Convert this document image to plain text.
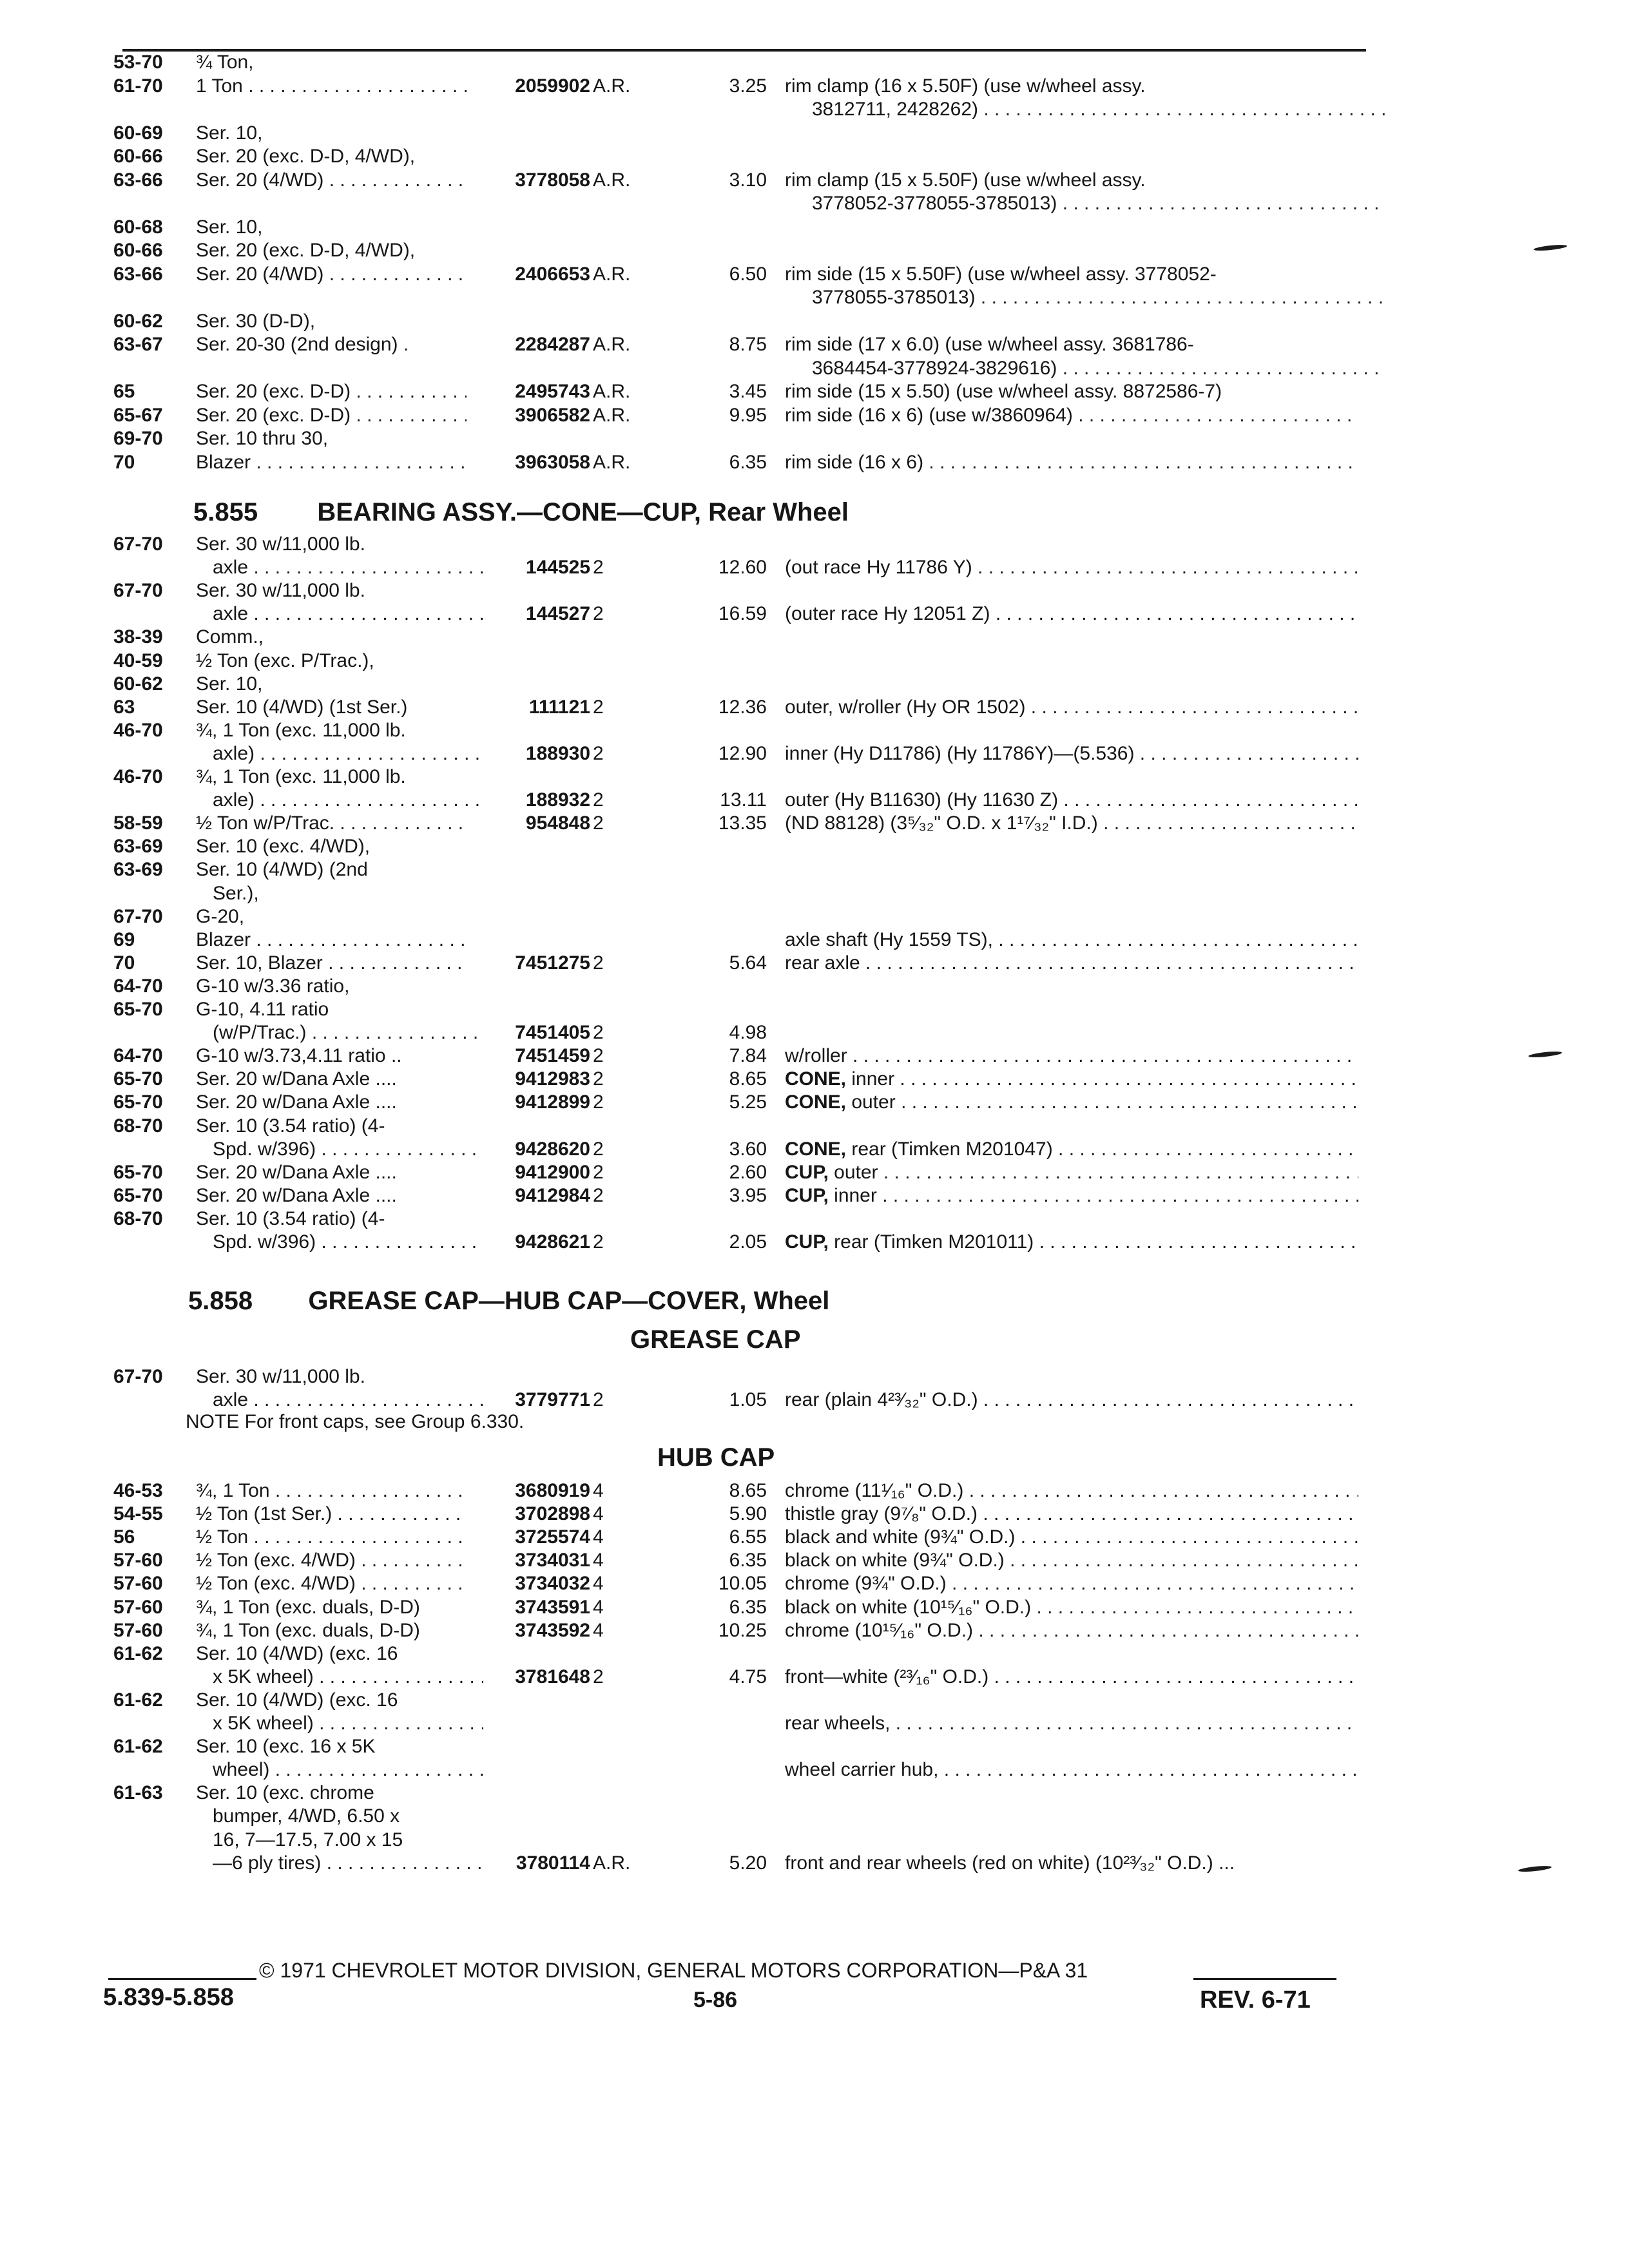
53-70	¾ Ton,
61-70	1 Ton . . .	2059902 A.R.	3.25 rim clamp (16 x 5.50F) (use w/wheel assy.
3812711, 2428262) . . .
60-69	Ser. 10,
60-66	Ser. 20 (exc. D-D, 4/WD),
63-66	Ser. 20 (4/WD) . . .	3778058 A.R.	3.10 rim clamp (15 x 5.50F) (use w/wheel assy.
3778052-3778055-3785013) . . .
60-68	Ser. 10,
60-66	Ser. 20 (exc. D-D, 4/WD),
63-66	Ser. 20 (4/WD) . . .	2406653 A.R.	6.50 rim side (15 x 5.50F) (use w/wheel assy. 3778052-
3778055-3785013) . . .
60-62	Ser. 30 (D-D),
63-67	Ser. 20-30 (2nd design) .	2284287 A.R.	8.75 rim side (17 x 6.0) (use w/wheel assy. 3681786-
3684454-3778924-3829616) . . .
65	Ser. 20 (exc. D-D) . . .	2495743 A.R.	3.45 rim side (15 x 5.50) (use w/wheel assy. 8872586-7)
65-67	Ser. 20 (exc. D-D) . . .	3906582 A.R.	9.95 rim side (16 x 6) (use w/3860964) . . .
69-70	Ser. 10 thru 30,
70	Blazer . . .	3963058 A.R.	6.35 rim side (16 x 6) . . .
5.855 BEARING ASSY.—CONE—CUP, Rear Wheel
67-70	Ser. 30 w/11,000 lb.
axle . . .	144525 2	12.60 (out race Hy 11786 Y) . . .
67-70	Ser. 30 w/11,000 lb.
axle . . .	144527 2	16.59 (outer race Hy 12051 Z) . . .
38-39	Comm.,
40-59	½ Ton (exc. P/Trac.),
60-62	Ser. 10,
63	Ser. 10 (4/WD) (1st Ser.)	111121 2	12.36 outer, w/roller (Hy OR 1502) . . .
46-70	¾, 1 Ton (exc. 11,000 lb.
axle) . . .	188930 2	12.90 inner (Hy D11786) (Hy 11786Y)—(5.536) . . .
46-70	¾, 1 Ton (exc. 11,000 lb.
axle) . . .	188932 2	13.11 outer (Hy B11630) (Hy 11630 Z) . . .
58-59	½ Ton w/P/Trac. . . .	954848 2	13.35 (ND 88128) (3⁵⁄₃₂" O.D. x 1¹⁷⁄₃₂" I.D.) . . .
63-69	Ser. 10 (exc. 4/WD),
63-69	Ser. 10 (4/WD) (2nd
Ser.),
67-70	G-20,
69	Blazer . . .	axle shaft (Hy 1559 TS), . . .
70	Ser. 10, Blazer . . .	7451275 2	5.64 rear axle . . .
64-70	G-10 w/3.36 ratio,
65-70	G-10, 4.11 ratio
(w/P/Trac.) . . .	7451405 2	4.98
64-70	G-10 w/3.73,4.11 ratio ..	7451459 2	7.84 w/roller . . .
65-70	Ser. 20 w/Dana Axle ....	9412983 2	8.65 CONE, inner . . .
65-70	Ser. 20 w/Dana Axle ....	9412899 2	5.25 CONE, outer . . .
68-70	Ser. 10 (3.54 ratio) (4-
Spd. w/396) . . .	9428620 2	3.60 CONE, rear (Timken M201047) . . .
65-70	Ser. 20 w/Dana Axle ....	9412900 2	2.60 CUP, outer . . .
65-70	Ser. 20 w/Dana Axle ....	9412984 2	3.95 CUP, inner . . .
68-70	Ser. 10 (3.54 ratio) (4-
Spd. w/396) . . .	9428621 2	2.05 CUP, rear (Timken M201011) . . .
5.858 GREASE CAP—HUB CAP—COVER, Wheel
GREASE CAP
67-70	Ser. 30 w/11,000 lb.
axle . . .	3779771 2	1.05 rear (plain 4²³⁄₃₂" O.D.) . . .
NOTE For front caps, see Group 6.330.
HUB CAP
46-53	¾, 1 Ton . . .	3680919 4	8.65 chrome (11¹⁄₁₆" O.D.) . . .
54-55	½ Ton (1st Ser.) . . .	3702898 4	5.90 thistle gray (9⁷⁄₈" O.D.) . . .
56	½ Ton . . .	3725574 4	6.55 black and white (9¾" O.D.) . . .
57-60	½ Ton (exc. 4/WD) . . .	3734031 4	6.35 black on white (9¾" O.D.) . . .
57-60	½ Ton (exc. 4/WD) . . .	3734032 4	10.05 chrome (9¾" O.D.) . . .
57-60	¾, 1 Ton (exc. duals, D-D)	3743591 4	6.35 black on white (10¹⁵⁄₁₆" O.D.) . . .
57-60	¾, 1 Ton (exc. duals, D-D)	3743592 4	10.25 chrome (10¹⁵⁄₁₆" O.D.) . . .
61-62	Ser. 10 (4/WD) (exc. 16
x 5K wheel) . . .	3781648 2	4.75 front—white (²³⁄₁₆" O.D.) . . .
61-62	Ser. 10 (4/WD) (exc. 16
x 5K wheel) . . .	rear wheels, . . .
61-62	Ser. 10 (exc. 16 x 5K
wheel) . . .	wheel carrier hub, . . .
61-63	Ser. 10 (exc. chrome
bumper, 4/WD, 6.50 x
16, 7—17.5, 7.00 x 15
—6 ply tires) . . .	3780114 A.R.	5.20 front and rear wheels (red on white) (10²³⁄₃₂" O.D.) ...
© 1971 CHEVROLET MOTOR DIVISION, GENERAL MOTORS CORPORATION—P&A 31
5.839-5.858	5-86	REV. 6-71
